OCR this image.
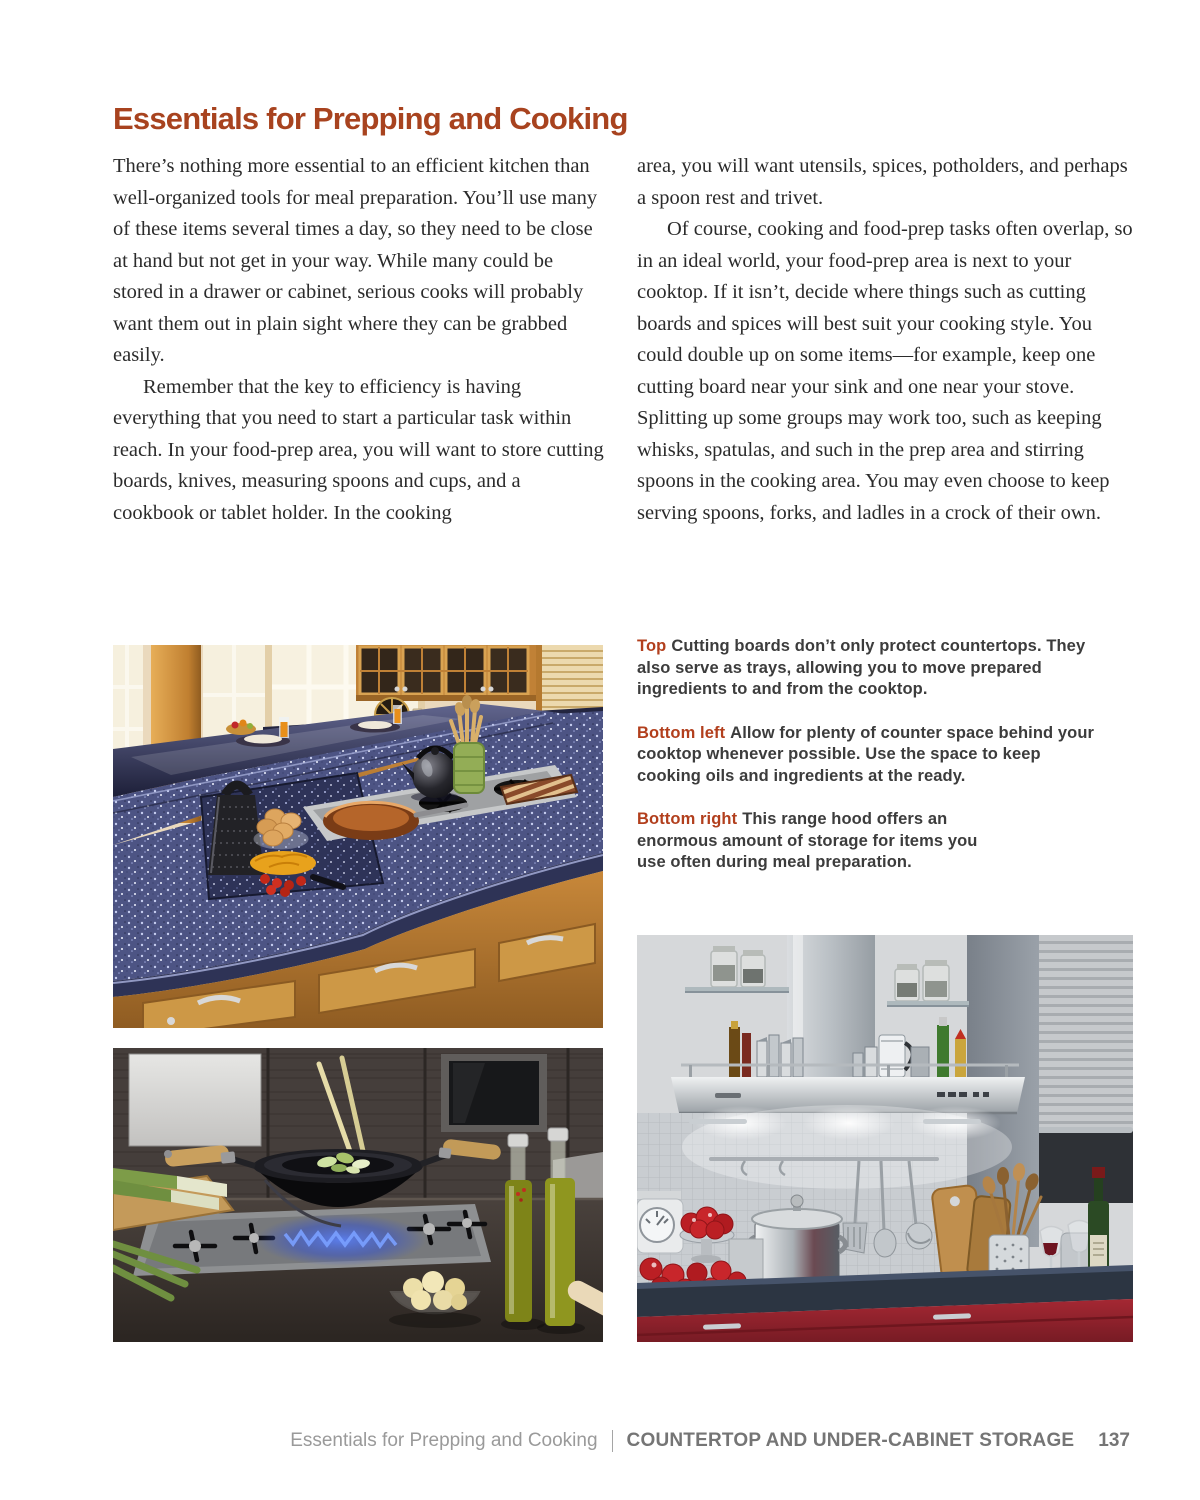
Essentials for Prepping and Cooking

There’s nothing more essential to an efficient kitchen than well-organized tools for meal preparation. You’ll use many of these items several times a day, so they need to be close at hand but not get in your way. While many could be stored in a drawer or cabinet, serious cooks will probably want them out in plain sight where they can be grabbed easily.

Remember that the key to efficiency is having everything that you need to start a particular task within reach. In your food-prep area, you will want to store cutting boards, knives, measuring spoons and cups, and a cookbook or tablet holder. In the cooking

area, you will want utensils, spices, potholders, and perhaps a spoon rest and trivet.

Of course, cooking and food-prep tasks often overlap, so in an ideal world, your food-prep area is next to your cooktop. If it isn’t, decide where things such as cutting boards and spices will best suit your cooking style. You could double up on some items—for example, keep one cutting board near your sink and one near your stove. Splitting up some groups may work too, such as keeping whisks, spatulas, and such in the prep area and stirring spoons in the cooking area. You may even choose to keep serving spoons, forks, and ladles in a crock of their own.

Top Cutting boards don’t only protect countertops. They also serve as trays, allowing you to move prepared ingredients to and from the cooktop.

Bottom left Allow for plenty of counter space behind your cooktop whenever possible. Use the space to keep cooking oils and ingredients at the ready.

Bottom right This range hood offers an enormous amount of storage for items you use often during meal preparation.

Essentials for Prepping and Cooking COUNTERTOP AND UNDER-CABINET STORAGE 137
